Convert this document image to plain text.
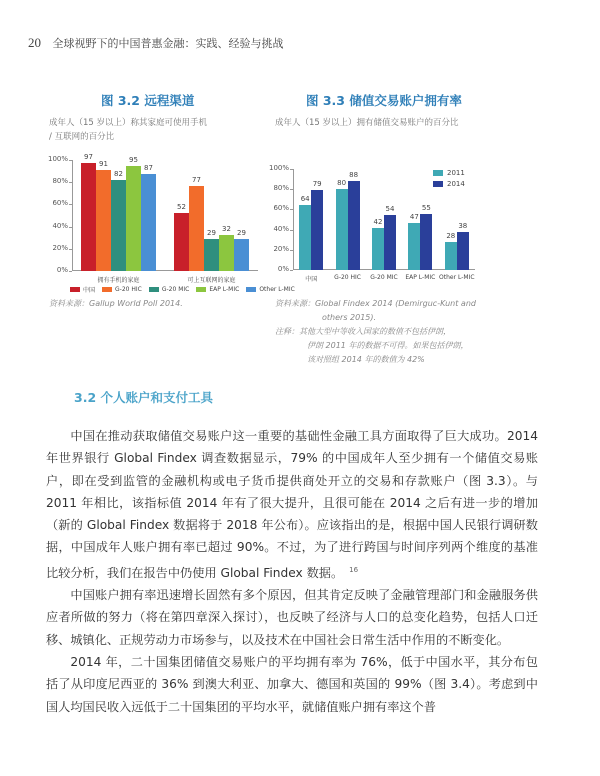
20 全球视野下的中国普惠金融：实践、经验与挑战
图 3.2 远程渠道
成年人（15 岁以上）称其家庭可使用手机
/ 互联网的百分比
0%
20%
40%
60%
80%
100%	97
91
82
95
87
拥有手机的家庭
52
77
29 32 29
可上互联网的家庭
中国	G-20 HIC	G-20 MIC	EAP L-MIC	Other L-MIC
资料来源：Gallup World Poll 2014.
图 3.3 储值交易账户拥有率
成年人（15 岁以上）拥有储值交易账户的百分比
0%
20%
40%
60%
80%
100%
64
79
中国
80
88
G-20 HIC
42
54
G-20 MIC
47
55
EAP L-MIC
28
38
Other L-MIC
2011
2014
资料来源：Global Findex 2014 (Demirguc-Kunt and
others 2015).
注释：其他大型中等收入国家的数值不包括伊朗，
伊朗 2011 年的数据不可得。如果包括伊朗，
该对照组 2014 年的数值为 42%
3.2 个人账户和支付工具

中国在推动获取储值交易账户这一重要的基础性金融工具方面取得了巨大成功。2014 年世界银行 Global Findex 调查数据显示，79% 的中国成年人至少拥有一个储值交易账户，即在受到监管的金融机构或电子货币提供商处开立的交易和存款账户（图 3.3）。与 2011 年相比，该指标值 2014 年有了很大提升，且很可能在 2014 之后有进一步的增加（新的 Global Findex 数据将于 2018 年公布）。应该指出的是，根据中国人民银行调研数据，中国成年人账户拥有率已超过 90%。不过，为了进行跨国与时间序列两个维度的基准比较分析，我们在报告中仍使用 Global Findex 数据。 $^{16}$

中国账户拥有率迅速增长固然有多个原因，但其肯定反映了金融管理部门和金融服务供应者所做的努力（将在第四章深入探讨），也反映了经济与人口的总变化趋势，包括人口迁移、城镇化、正规劳动力市场参与，以及技术在中国社会日常生活中作用的不断变化。

2014 年，二十国集团储值交易账户的平均拥有率为 76%，低于中国水平，其分布包括了从印度尼西亚的 36% 到澳大利亚、加拿大、德国和英国的 99%（图 3.4）。考虑到中国人均国民收入远低于二十国集团的平均水平，就储值账户拥有率这个普
